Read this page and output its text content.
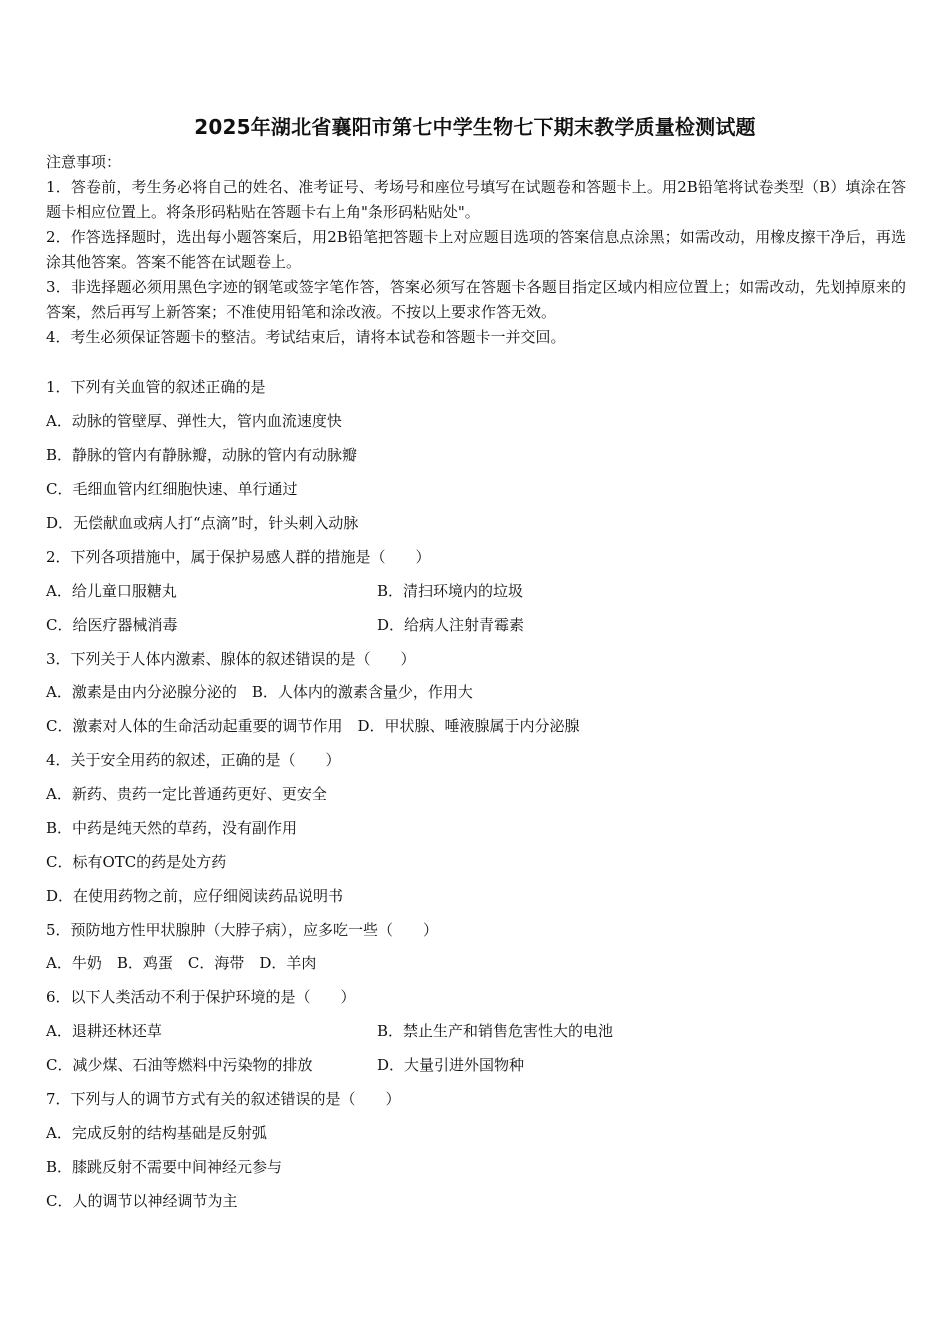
2025年湖北省襄阳市第七中学生物七下期末教学质量检测试题

注意事项：

1．答卷前，考生务必将自己的姓名、准考证号、考场号和座位号填写在试题卷和答题卡上。用2B铅笔将试卷类型（B）填涂在答题卡相应位置上。将条形码粘贴在答题卡右上角"条形码粘贴处"。

2．作答选择题时，选出每小题答案后，用2B铅笔把答题卡上对应题目选项的答案信息点涂黑；如需改动，用橡皮擦干净后，再选涂其他答案。答案不能答在试题卷上。

3．非选择题必须用黑色字迹的钢笔或签字笔作答，答案必须写在答题卡各题目指定区域内相应位置上；如需改动，先划掉原来的答案，然后再写上新答案；不准使用铅笔和涂改液。不按以上要求作答无效。

4．考生必须保证答题卡的整洁。考试结束后，请将本试卷和答题卡一并交回。

1．下列有关血管的叙述正确的是
A．动脉的管壁厚、弹性大，管内血流速度快
B．静脉的管内有静脉瓣，动脉的管内有动脉瓣
C．毛细血管内红细胞快速、单行通过
D．无偿献血或病人打“点滴”时，针头刺入动脉
2．下列各项措施中，属于保护易感人群的措施是（　　）
A．给儿童口服糖丸	B．清扫环境内的垃圾
C．给医疗器械消毒	D．给病人注射青霉素
3．下列关于人体内激素、腺体的叙述错误的是（　　）
A．激素是由内分泌腺分泌的　B．人体内的激素含量少，作用大
C．激素对人体的生命活动起重要的调节作用　D．甲状腺、唾液腺属于内分泌腺
4．关于安全用药的叙述，正确的是（　　）
A．新药、贵药一定比普通药更好、更安全
B．中药是纯天然的草药，没有副作用
C．标有OTC的药是处方药
D．在使用药物之前，应仔细阅读药品说明书
5．预防地方性甲状腺肿（大脖子病），应多吃一些（　　）
A．牛奶　B．鸡蛋　C．海带　D．羊肉
6．以下人类活动不利于保护环境的是（　　）
A．退耕还林还草	B．禁止生产和销售危害性大的电池
C．减少煤、石油等燃料中污染物的排放	D．大量引进外国物种
7．下列与人的调节方式有关的叙述错误的是（　　）
A．完成反射的结构基础是反射弧
B．膝跳反射不需要中间神经元参与
C．人的调节以神经调节为主
